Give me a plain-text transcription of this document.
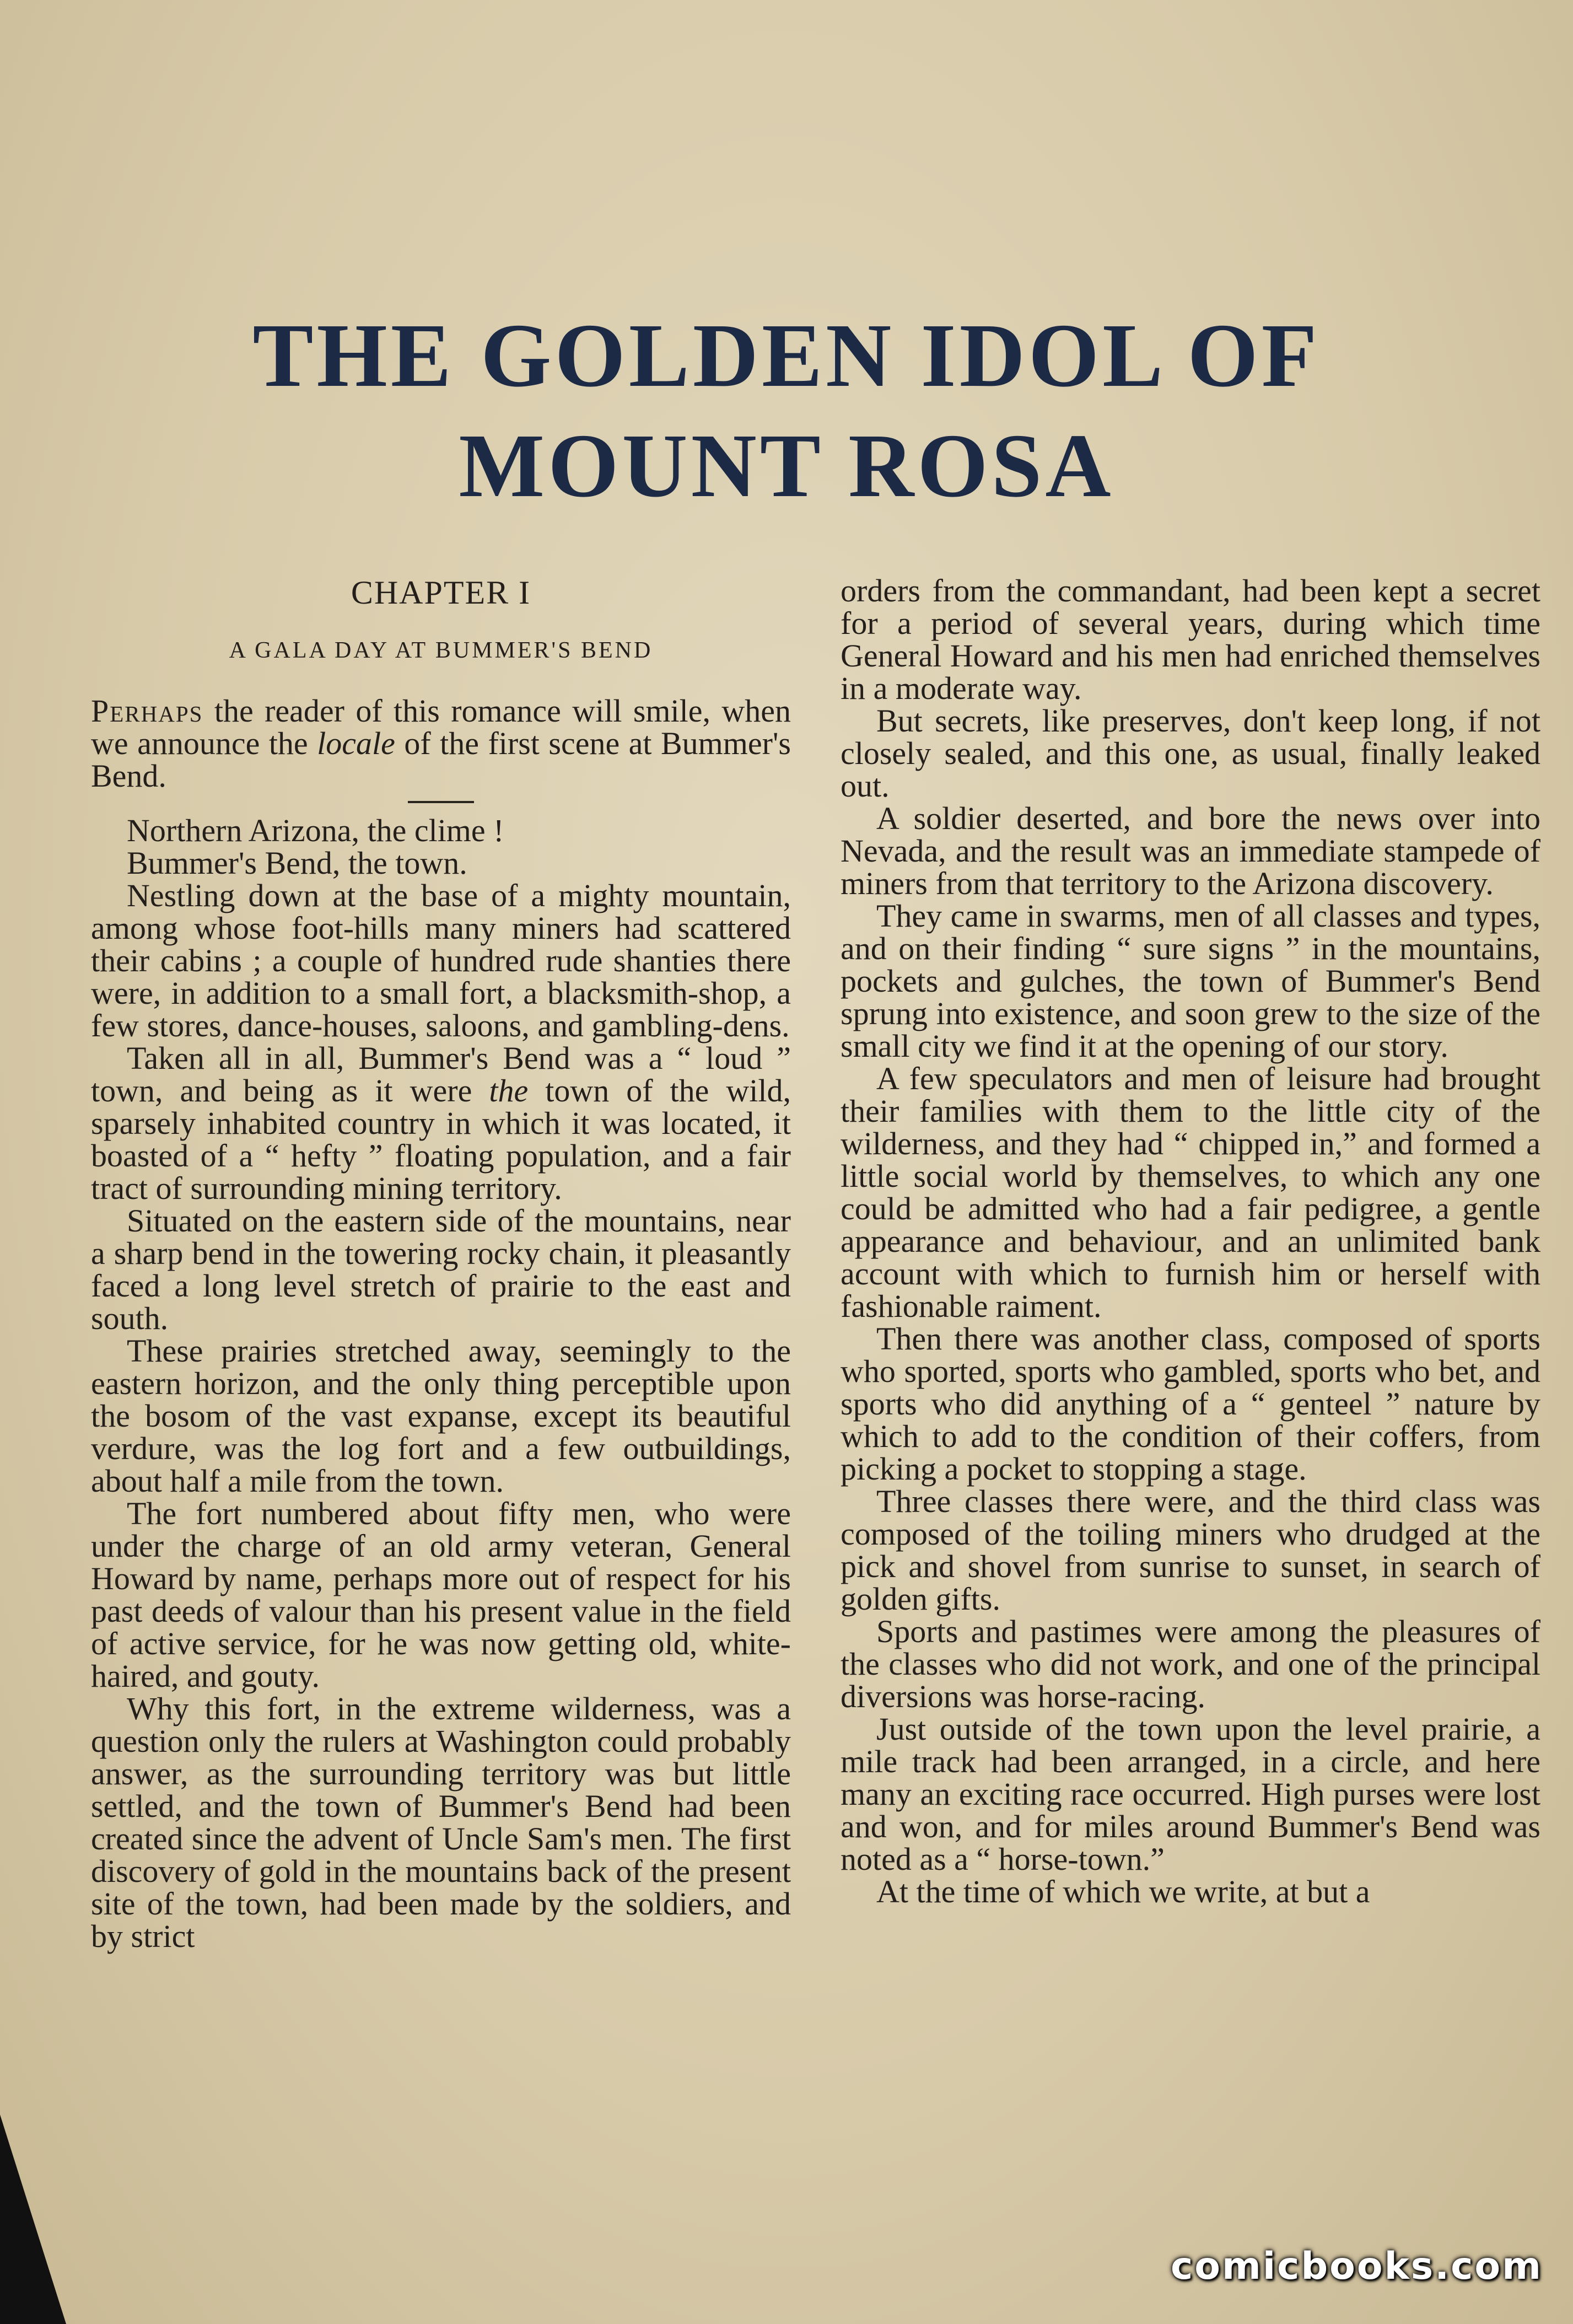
THE GOLDEN IDOL OF
MOUNT ROSA
CHAPTER I
A GALA DAY AT BUMMER'S BEND

Perhaps the reader of this romance will smile, when we announce the locale of the first scene at Bummer's Bend.

Northern Arizona, the clime !

Bummer's Bend, the town.

Nestling down at the base of a mighty mountain, among whose foot-hills many miners had scattered their cabins ; a couple of hundred rude shanties there were, in addition to a small fort, a blacksmith-shop, a few stores, dance-houses, saloons, and gambling-dens.

Taken all in all, Bummer's Bend was a “ loud ” town, and being as it were the town of the wild, sparsely inhabited country in which it was located, it boasted of a “ hefty ” floating population, and a fair tract of surrounding mining territory.

Situated on the eastern side of the mountains, near a sharp bend in the towering rocky chain, it pleasantly faced a long level stretch of prairie to the east and south.

These prairies stretched away, seemingly to the eastern horizon, and the only thing perceptible upon the bosom of the vast expanse, except its beautiful verdure, was the log fort and a few outbuildings, about half a mile from the town.

The fort numbered about fifty men, who were under the charge of an old army veteran, General Howard by name, perhaps more out of respect for his past deeds of valour than his present value in the field of active service, for he was now getting old, white-haired, and gouty.

Why this fort, in the extreme wilderness, was a question only the rulers at Washington could probably answer, as the surrounding territory was but little settled, and the town of Bummer's Bend had been created since the advent of Uncle Sam's men. The first discovery of gold in the mountains back of the present site of the town, had been made by the soldiers, and by strict

orders from the commandant, had been kept a secret for a period of several years, during which time General Howard and his men had enriched themselves in a moderate way.

But secrets, like preserves, don't keep long, if not closely sealed, and this one, as usual, finally leaked out.

A soldier deserted, and bore the news over into Nevada, and the result was an immediate stampede of miners from that territory to the Arizona discovery.

They came in swarms, men of all classes and types, and on their finding “ sure signs ” in the mountains, pockets and gulches, the town of Bummer's Bend sprung into existence, and soon grew to the size of the small city we find it at the opening of our story.

A few speculators and men of leisure had brought their families with them to the little city of the wilderness, and they had “ chipped in,” and formed a little social world by themselves, to which any one could be admitted who had a fair pedigree, a gentle appearance and behaviour, and an unlimited bank account with which to furnish him or herself with fashionable raiment.

Then there was another class, composed of sports who sported, sports who gambled, sports who bet, and sports who did anything of a “ genteel ” nature by which to add to the condition of their coffers, from picking a pocket to stopping a stage.

Three classes there were, and the third class was composed of the toiling miners who drudged at the pick and shovel from sunrise to sunset, in search of golden gifts.

Sports and pastimes were among the pleasures of the classes who did not work, and one of the principal diversions was horse-racing.

Just outside of the town upon the level prairie, a mile track had been arranged, in a circle, and here many an exciting race occurred. High purses were lost and won, and for miles around Bummer's Bend was noted as a “ horse-town.”

At the time of which we write, at but a

comicbooks.com
